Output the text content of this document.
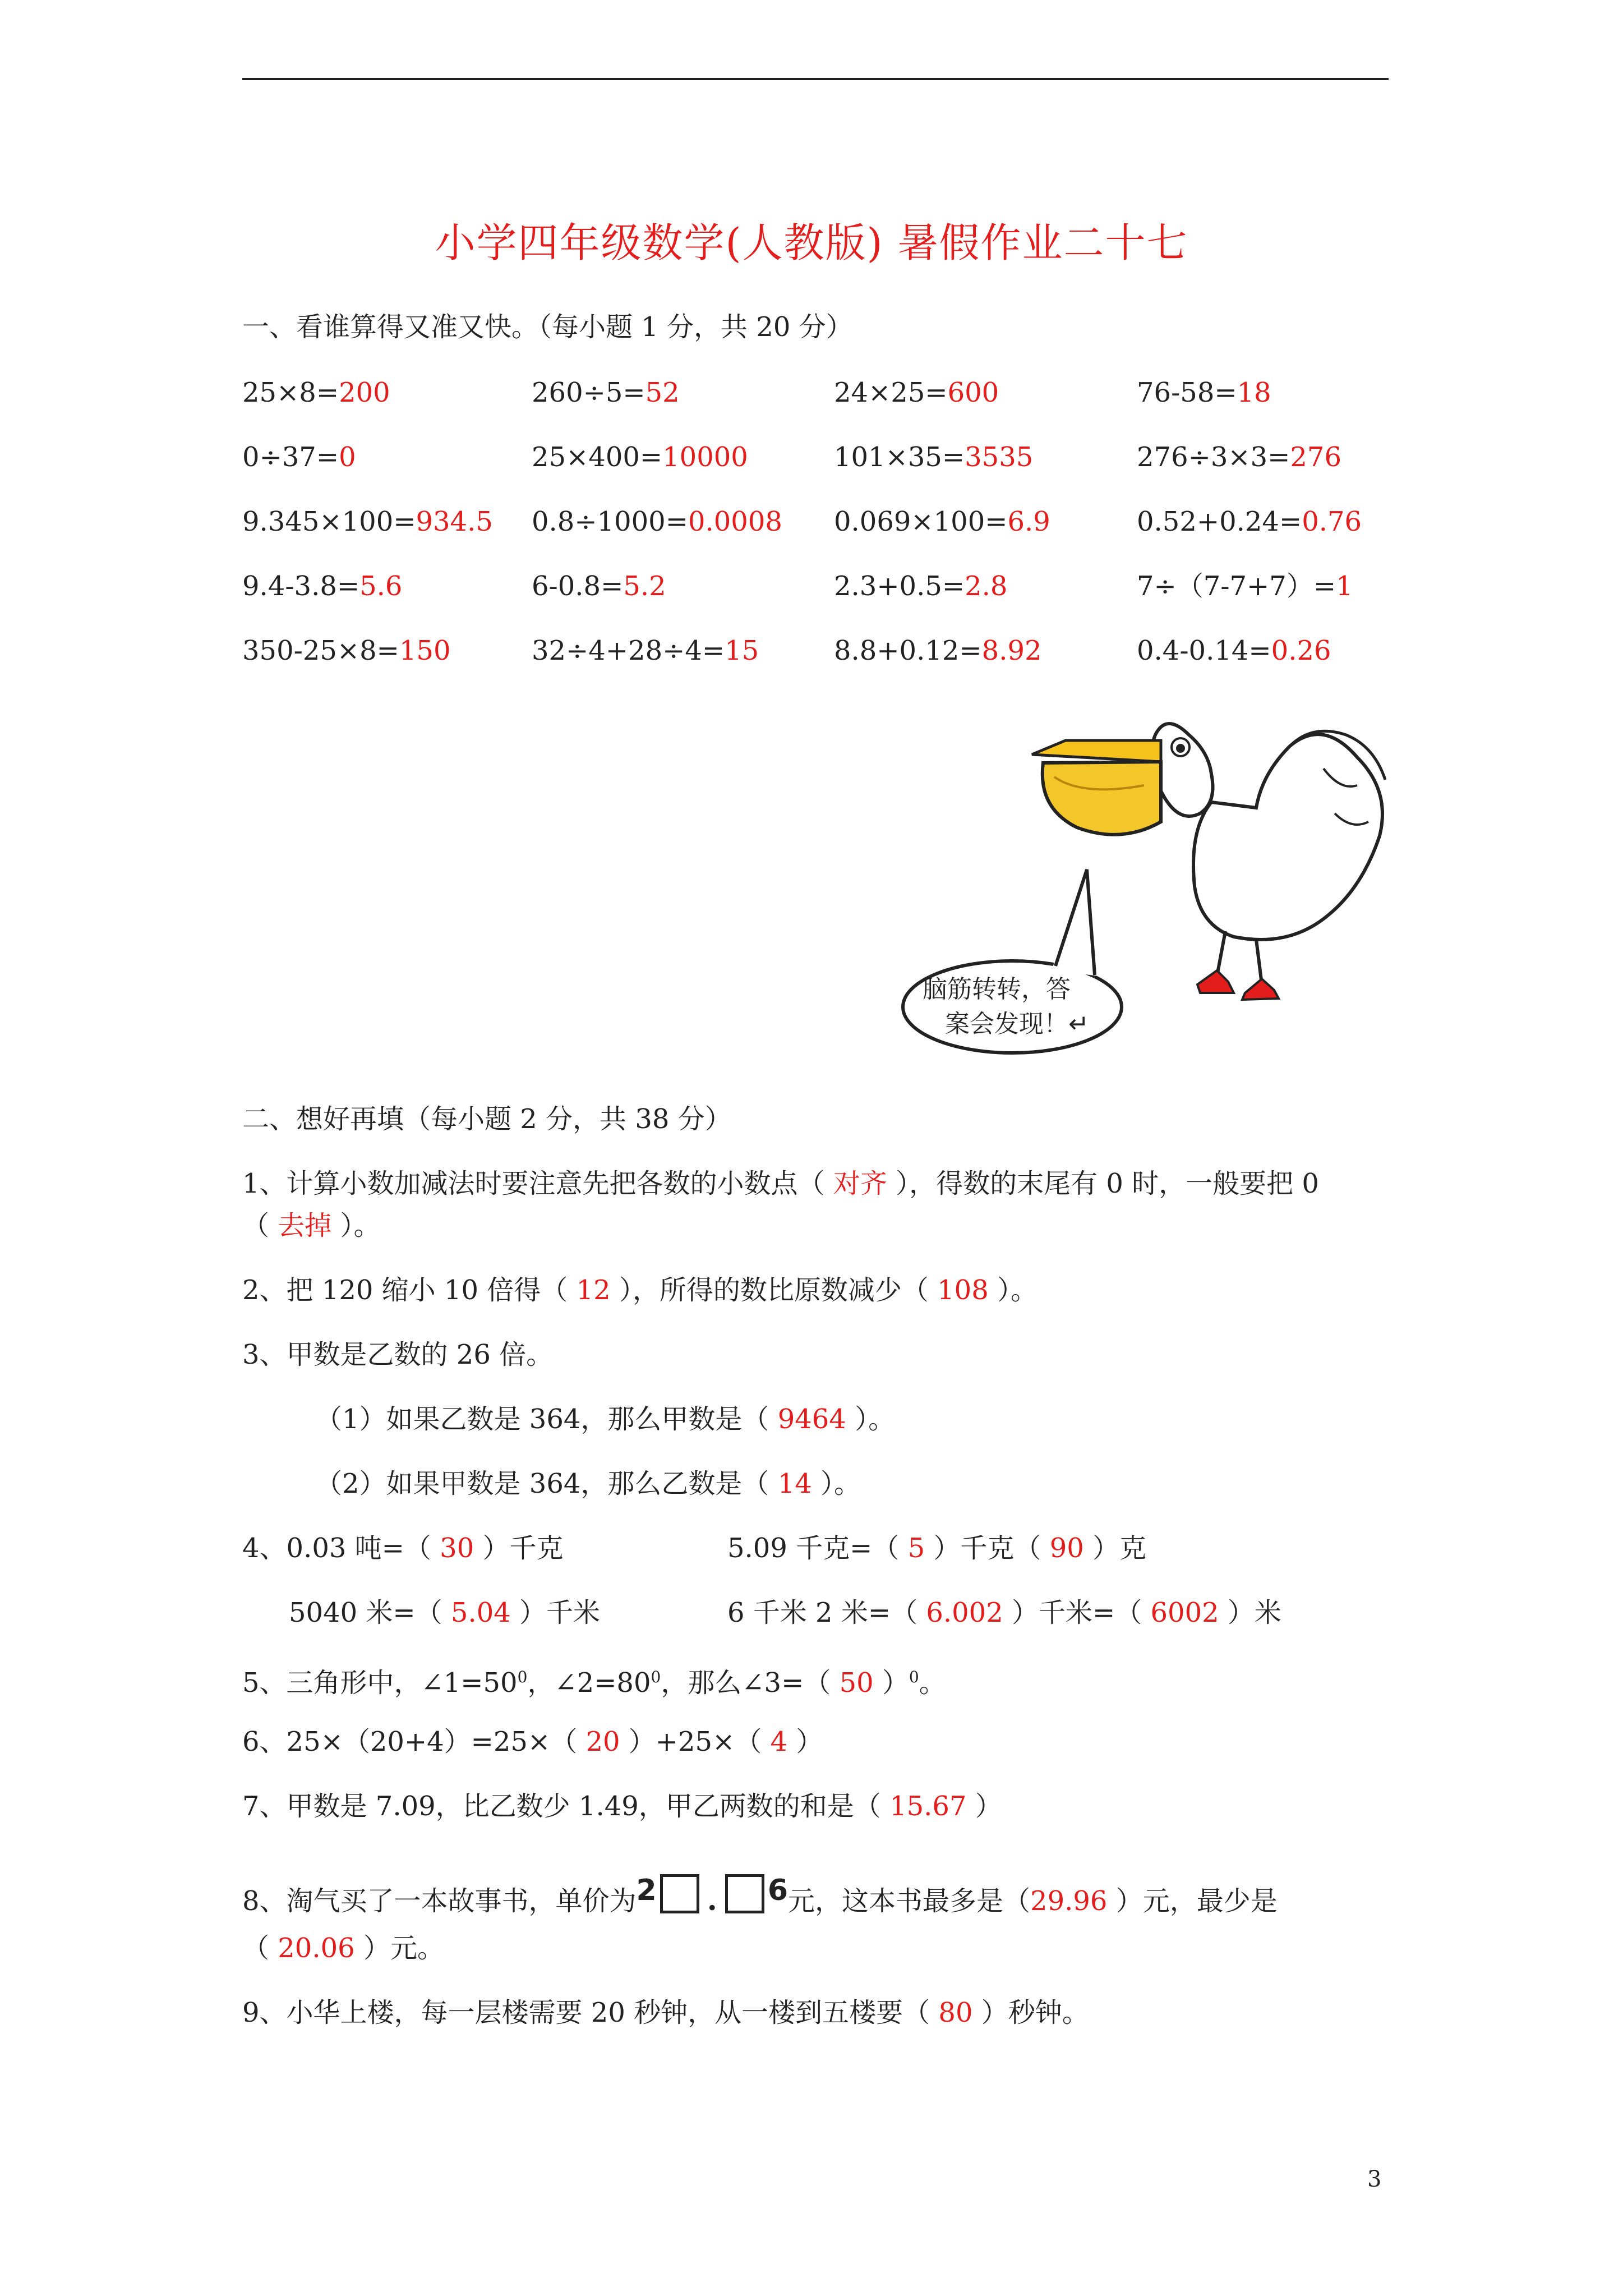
小学四年级数学(人教版) 暑假作业二十七
一、看谁算得又准又快。（每小题 1 分，共 20 分）
25×8=200	260÷5=52	24×25=600	76-58=18
0÷37=0	25×400=10000	101×35=3535	276÷3×3=276
9.345×100=934.5 0.8÷1000=0.0008 0.069×100=6.9	0.52+0.24=0.76
9.4-3.8=5.6	6-0.8=5.2	2.3+0.5=2.8	7÷（7-7+7）=1
350-25×8=150	32÷4+28÷4=15	8.8+0.12=8.92	0.4-0.14=0.26
脑筋转转，答
案会发现！↵
二、想好再填（每小题 2 分，共 38 分）
1、计算小数加减法时要注意先把各数的小数点（ 对齐 ），得数的末尾有 0 时，一般要把 0
（ 去掉 ）。
2、把 120 缩小 10 倍得（ 12 ），所得的数比原数减少（ 108 ）。
3、甲数是乙数的 26 倍。
（1）如果乙数是 364，那么甲数是（ 9464 ）。
（2）如果甲数是 364，那么乙数是（ 14 ）。
4、0.03 吨=（ 30 ）千克	5.09 千克=（ 5 ）千克（ 90 ）克
5040 米=（ 5.04 ）千米	6 千米 2 米=（ 6.002 ）千米=（ 6002 ）米
5、三角形中，$\angle 1=50^0$，$\angle 2=80^0$，那么∠3=（ 50 ）$^0$。
6、25×（20+4）=25×（ 20 ）+25×（ 4 ）
7、甲数是 7.09，比乙数少 1.49，甲乙两数的和是（ 15.67 ）
8、淘气买了一本故事书，单价为2 . 6元，这本书最多是（29.96 ）元，最少是
（ 20.06 ）元。
9、小华上楼，每一层楼需要 20 秒钟，从一楼到五楼要（ 80 ）秒钟。
3
